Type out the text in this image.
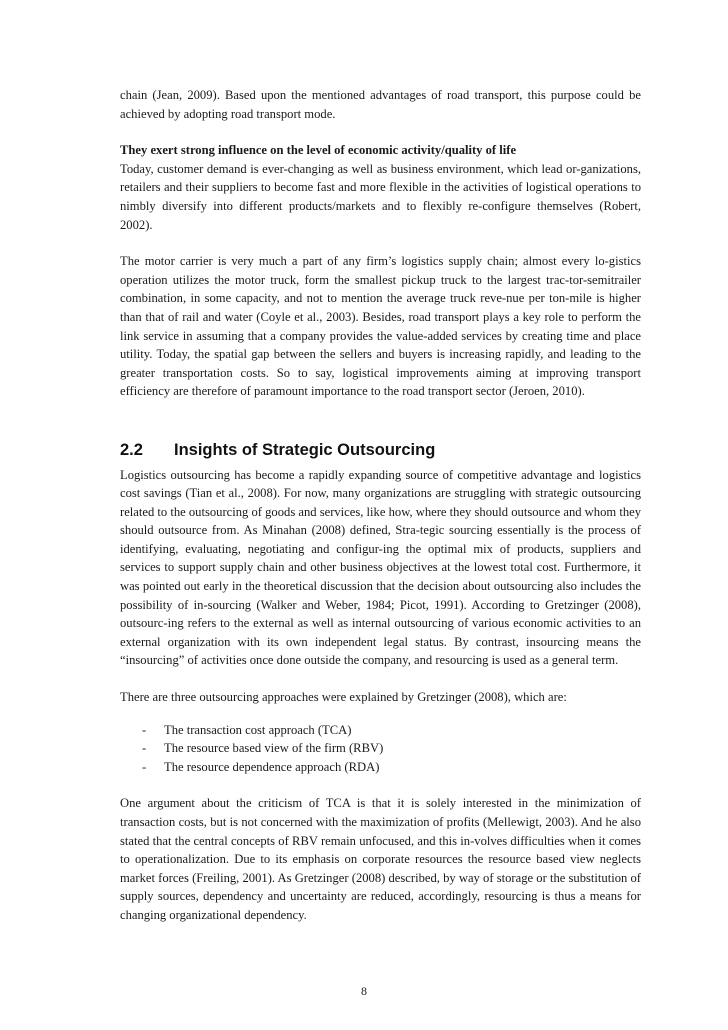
chain (Jean, 2009). Based upon the mentioned advantages of road transport, this purpose could be achieved by adopting road transport mode.

They exert strong influence on the level of economic activity/quality of life

Today, customer demand is ever-changing as well as business environment, which lead or-ganizations, retailers and their suppliers to become fast and more flexible in the activities of logistical operations to nimbly diversify into different products/markets and to flexibly re-configure themselves (Robert, 2002).

The motor carrier is very much a part of any firm’s logistics supply chain; almost every lo-gistics operation utilizes the motor truck, form the smallest pickup truck to the largest trac-tor-semitrailer combination, in some capacity, and not to mention the average truck reve-nue per ton-mile is higher than that of rail and water (Coyle et al., 2003). Besides, road transport plays a key role to perform the link service in assuming that a company provides the value-added services by creating time and place utility. Today, the spatial gap between the sellers and buyers is increasing rapidly, and leading to the greater transportation costs. So to say, logistical improvements aiming at improving transport efficiency are therefore of paramount importance to the road transport sector (Jeroen, 2010).

2.2 Insights of Strategic Outsourcing

Logistics outsourcing has become a rapidly expanding source of competitive advantage and logistics cost savings (Tian et al., 2008). For now, many organizations are struggling with strategic outsourcing related to the outsourcing of goods and services, like how, where they should outsource and whom they should outsource from. As Minahan (2008) defined, Stra-tegic sourcing essentially is the process of identifying, evaluating, negotiating and configur-ing the optimal mix of products, suppliers and services to support supply chain and other business objectives at the lowest total cost. Furthermore, it was pointed out early in the theoretical discussion that the decision about outsourcing also includes the possibility of in-sourcing (Walker and Weber, 1984; Picot, 1991). According to Gretzinger (2008), outsourc-ing refers to the external as well as internal outsourcing of various economic activities to an external organization with its own independent legal status. By contrast, insourcing means the “insourcing” of activities once done outside the company, and resourcing is used as a general term.

There are three outsourcing approaches were explained by Gretzinger (2008), which are:

-	The transaction cost approach (TCA)
-	The resource based view of the firm (RBV)
-	The resource dependence approach (RDA)

One argument about the criticism of TCA is that it is solely interested in the minimization of transaction costs, but is not concerned with the maximization of profits (Mellewigt, 2003). And he also stated that the central concepts of RBV remain unfocused, and this in-volves difficulties when it comes to operationalization. Due to its emphasis on corporate resources the resource based view neglects market forces (Freiling, 2001). As Gretzinger (2008) described, by way of storage or the substitution of supply sources, dependency and uncertainty are reduced, accordingly, resourcing is thus a means for changing organizational dependency.

8
